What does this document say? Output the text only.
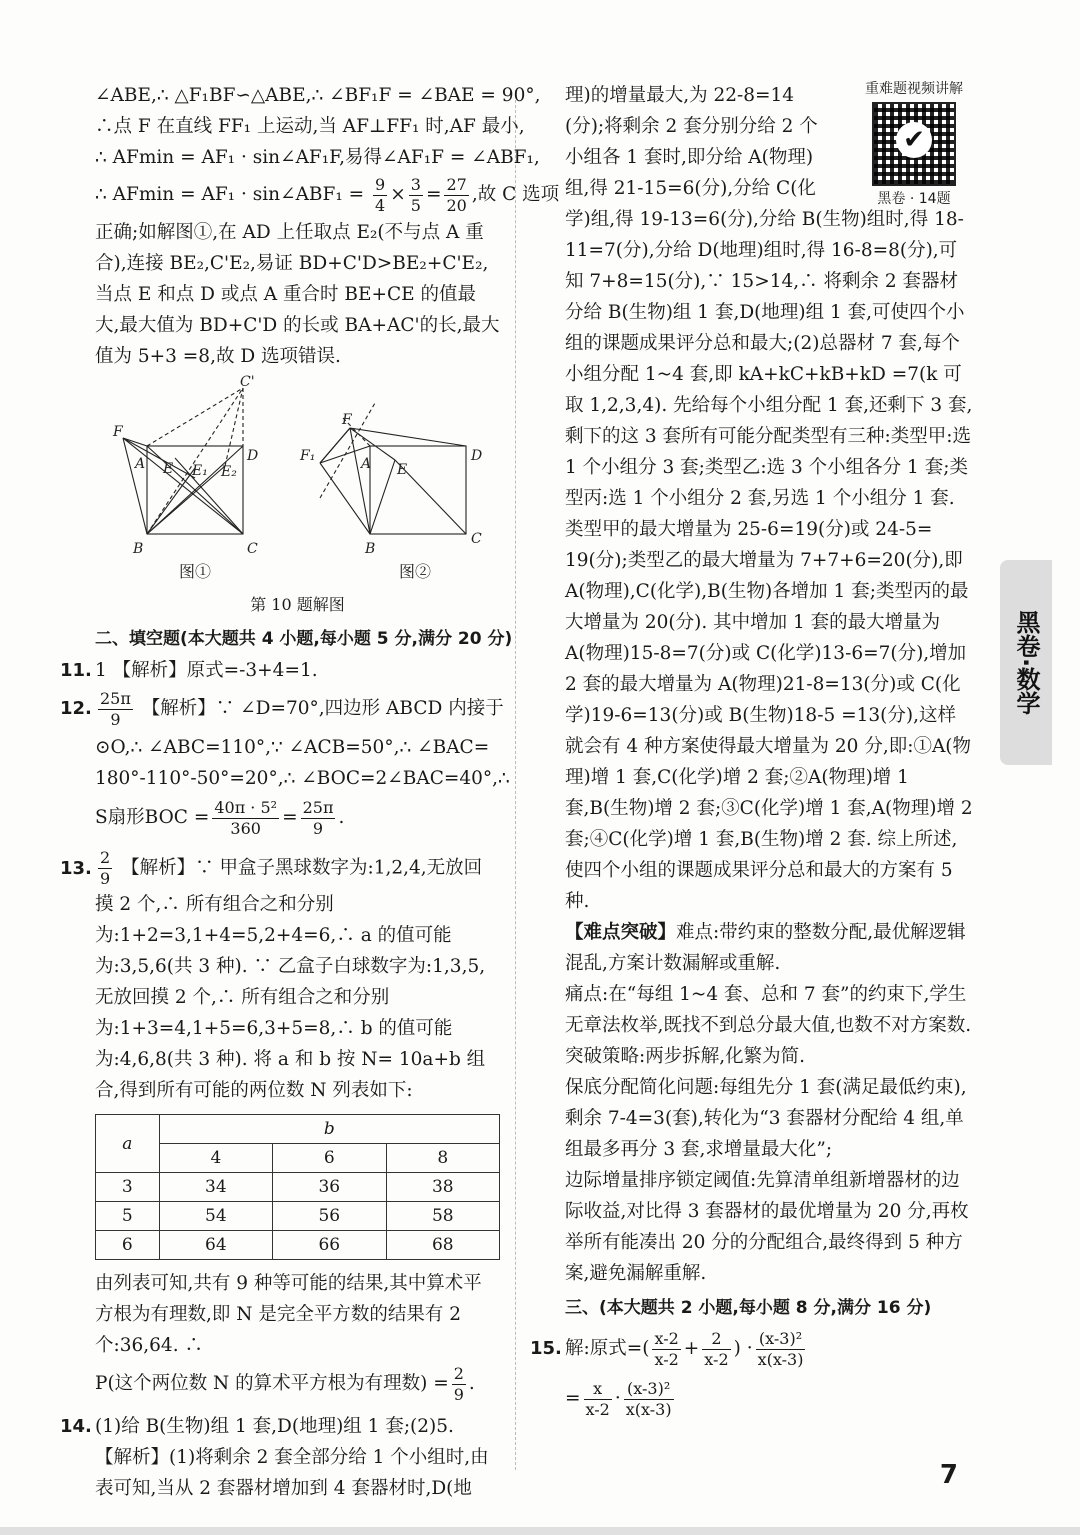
∠ABE,∴ △F₁BF∽△ABE,∴ ∠BF₁F = ∠BAE = 90°,
∴点 F 在直线 FF₁ 上运动,当 AF⊥FF₁ 时,AF 最小,
∴ AFmin = AF₁ · sin∠AF₁F,易得∠AF₁F = ∠ABF₁,
∴ AFmin = AF₁ · sin∠ABF₁ = $\frac{9}{4} \times \frac{3}{5} = \frac{27}{20}$ ,故 C 选项
正确;如解图①,在 AD 上任取点 E₂(不与点 A 重合),连接 BE₂,C'E₂,易证 BD+C'D>BE₂+C'E₂,当点 E 和点 D 或点 A 重合时 BE+CE 的值最大,最大值为 BD+C'D 的长或 BA+AC'的长,最大值为 5+3 =8,故 D 选项错误.
F
A
B	C
D
E E₁ E₂
C'
F₁
F
A
B
C
D
E
图①	图②
第 10 题解图
二、填空题(本大题共 4 小题,每小题 5 分,满分 20 分)
11. 1 【解析】原式=-3+4=1.
12. $\frac{25\pi}{9}$ 【解析】∵ ∠D=70°,四边形 ABCD 内接于
⊙O,∴ ∠ABC=110°,∵ ∠ACB=50°,∴ ∠BAC=
180°-110°-50°=20°,∴ ∠BOC=2∠BAC=40°,∴
S扇形BOC = $\frac{\text{40π · 5²}}{360} = \frac{25\pi}{9}$ .
13. $\frac{2}{9}$ 【解析】∵ 甲盒子黑球数字为:1,2,4,无放回摸 2 个,∴ 所有组合之和分别为:1+2=3,1+4=5,2+4=6,∴ a 的值可能为:3,5,6(共 3 种). ∵ 乙盒子白球数字为:1,3,5,无放回摸 2 个,∴ 所有组合之和分别为:1+3=4,1+5=6,3+5=8,∴ b 的值可能为:4,6,8(共 3 种). 将 a 和 b 按 N= 10a+b 组合,得到所有可能的两位数 N 列表如下:
a	b		
	4	6	8
3	34	36	38
5	54	56	58
6	64	66	68
由列表可知,共有 9 种等可能的结果,其中算术平方根为有理数,即 N 是完全平方数的结果有 2 个:36,64. ∴
P(这个两位数 N 的算术平方根为有理数) = $\frac{2}{9}$ .
14. (1)给 B(生物)组 1 套,D(地理)组 1 套;(2)5.
【解析】(1)将剩余 2 套全部分给 1 个小组时,由表可知,当从 2 套器材增加到 4 套器材时,D(地
理)的增量最大,为 22-8=14
(分);将剩余 2 套分别分给 2 个
小组各 1 套时,即分给 A(物理)
组,得 21-15=6(分),分给 C(化
重难题视频讲解
✔
黑卷 · 14题
学)组,得 19-13=6(分),分给 B(生物)组时,得 18-11=7(分),分给 D(地理)组时,得 16-8=8(分),可知 7+8=15(分),∵ 15>14,∴ 将剩余 2 套器材分给 B(生物)组 1 套,D(地理)组 1 套,可使四个小组的课题成果评分总和最大;(2)总器材 7 套,每个小组分配 1~4 套,即 kA+kC+kB+kD =7(k 可取 1,2,3,4). 先给每个小组分配 1 套,还剩下 3 套,剩下的这 3 套所有可能分配类型有三种:类型甲:选 1 个小组分 3 套;类型乙:选 3 个小组各分 1 套;类型丙:选 1 个小组分 2 套,另选 1 个小组分 1 套. 类型甲的最大增量为 25-6=19(分)或 24-5= 19(分);类型乙的最大增量为 7+7+6=20(分),即 A(物理),C(化学),B(生物)各增加 1 套;类型丙的最大增量为 20(分). 其中增加 1 套的最大增量为 A(物理)15-8=7(分)或 C(化学)13-6=7(分),增加 2 套的最大增量为 A(物理)21-8=13(分)或 C(化学)19-6=13(分)或 B(生物)18-5 =13(分),这样就会有 4 种方案使得最大增量为 20 分,即:①A(物理)增 1 套,C(化学)增 2 套;②A(物理)增 1 套,B(生物)增 2 套;③C(化学)增 1 套,A(物理)增 2 套;④C(化学)增 1 套,B(生物)增 2 套. 综上所述,使四个小组的课题成果评分总和最大的方案有 5 种.
【难点突破】难点:带约束的整数分配,最优解逻辑混乱,方案计数漏解或重解.
痛点:在“每组 1~4 套、总和 7 套”的约束下,学生无章法枚举,既找不到总分最大值,也数不对方案数.
突破策略:两步拆解,化繁为简.
保底分配简化问题:每组先分 1 套(满足最低约束),剩余 7-4=3(套),转化为“3 套器材分配给 4 组,单组最多再分 3 套,求增量最大化”;
边际增量排序锁定阈值:先算清单组新增器材的边际收益,对比得 3 套器材的最优增量为 20 分,再枚举所有能凑出 20 分的分配组合,最终得到 5 种方案,避免漏解重解.
三、(本大题共 2 小题,每小题 8 分,满分 16 分)
15. 解:原式=( $\frac{x-2}{x-2} + \frac{2}{x-2}$ ) · $\frac{\text{(x-3)²}}{x(x-3)}$
= $\frac{x}{x-2} \cdot \frac{\text{(x-3)²}}{x(x-3)}$
黑卷·数学
7
